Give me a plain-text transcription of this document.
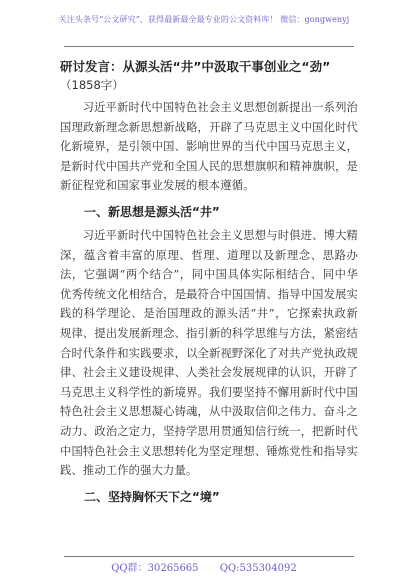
关注头条号“公文研究”，获得最新最全最专业的公文资料库！ 微信：gongwenyj
研讨发言：从源头活“井”中汲取干事创业之“劲”
（1858字）

习近平新时代中国特色社会主义思想创新提出一系列治国理政新理念新思想新战略，开辟了马克思主义中国化时代化新境界，是引领中国、影响世界的当代中国马克思主义，是新时代中国共产党和全国人民的思想旗帜和精神旗帜，是新征程党和国家事业发展的根本遵循。

一、新思想是源头活“井”

习近平新时代中国特色社会主义思想与时俱进、博大精深，蕴含着丰富的原理、哲理、道理以及新理念、思路办法，它强调“两个结合”，同中国具体实际相结合、同中华优秀传统文化相结合，是最符合中国国情、指导中国发展实践的科学理论、是治国理政的源头活“井”，它探索执政新规律、提出发展新理念、指引新的科学思维与方法，紧密结合时代条件和实践要求，以全新视野深化了对共产党执政规律、社会主义建设规律、人类社会发展规律的认识，开辟了马克思主义科学性的新境界。我们要坚持不懈用新时代中国特色社会主义思想凝心铸魂，从中汲取信仰之伟力、奋斗之动力、政治之定力，坚持学思用贯通知信行统一，把新时代中国特色社会主义思想转化为坚定理想、锤炼党性和指导实践、推动工作的强大力量。

二、坚持胸怀天下之“境”
QQ群：30265665 QQ:535304092
